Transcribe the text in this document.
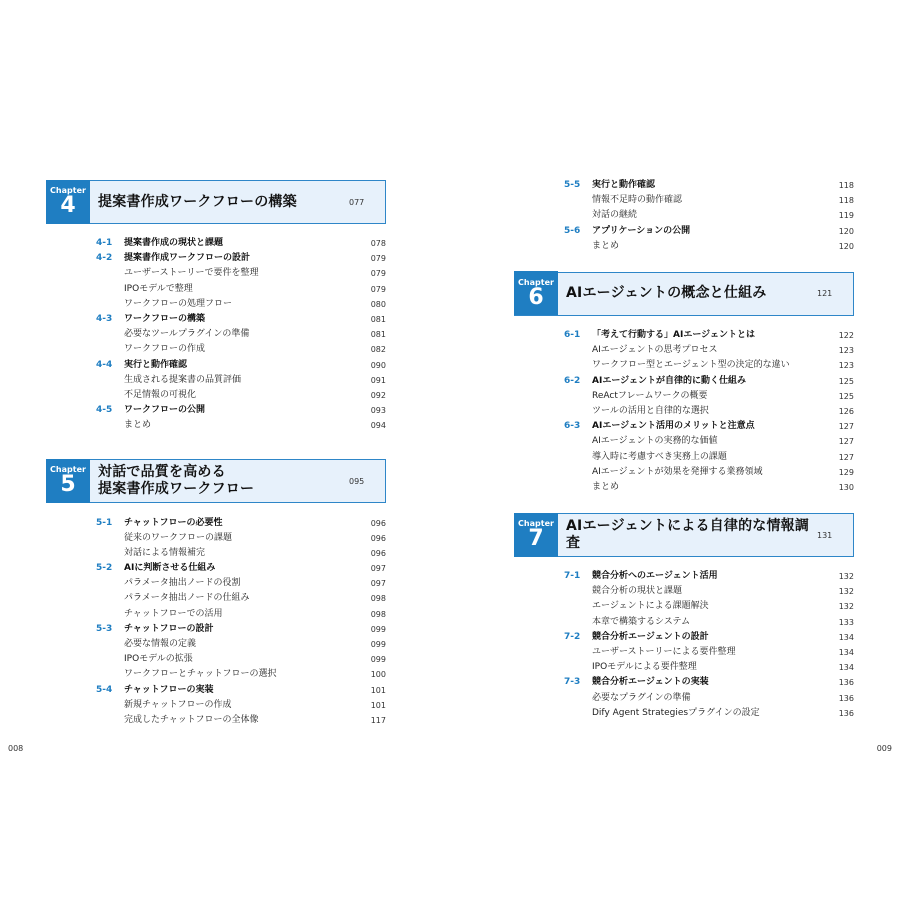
Chapter
4	提案書作成ワークフローの構築	077
4-1	提案書作成の現状と課題	078
4-2	提案書作成ワークフローの設計	079
ユーザーストーリーで要件を整理	079
IPOモデルで整理	079
ワークフローの処理フロー	080
4-3	ワークフローの構築	081
必要なツールプラグインの準備	081
ワークフローの作成	082
4-4	実行と動作確認	090
生成される提案書の品質評価	091
不足情報の可視化	092
4-5	ワークフローの公開	093
まとめ	094
Chapter
5 対話で品質を高める
提案書作成ワークフロー	095
5-1	チャットフローの必要性	096
従来のワークフローの課題	096
対話による情報補完	096
5-2	AIに判断させる仕組み	097
パラメータ抽出ノードの役割	097
パラメータ抽出ノードの仕組み	098
チャットフローでの活用	098
5-3	チャットフローの設計	099
必要な情報の定義	099
IPOモデルの拡張	099
ワークフローとチャットフローの選択	100
5-4	チャットフローの実装	101
新規チャットフローの作成	101
完成したチャットフローの全体像	117
5-5	実行と動作確認	118
情報不足時の動作確認	118
対話の継続	119
5-6	アプリケーションの公開	120
まとめ	120
Chapter
6	AIエージェントの概念と仕組み	121
6-1	「考えて行動する」AIエージェントとは	122
AIエージェントの思考プロセス	123
ワークフロー型とエージェント型の決定的な違い	123
6-2	AIエージェントが自律的に動く仕組み	125
ReActフレームワークの概要	125
ツールの活用と自律的な選択	126
6-3	AIエージェント活用のメリットと注意点	127
AIエージェントの実務的な価値	127
導入時に考慮すべき実務上の課題	127
AIエージェントが効果を発揮する業務領域	129
まとめ	130
Chapter
7	AIエージェントによる自律的な情報調査	131
7-1	競合分析へのエージェント活用	132
競合分析の現状と課題	132
エージェントによる課題解決	132
本章で構築するシステム	133
7-2	競合分析エージェントの設計	134
ユーザーストーリーによる要件整理	134
IPOモデルによる要件整理	134
7-3	競合分析エージェントの実装	136
必要なプラグインの準備	136
Dify Agent Strategiesプラグインの設定	136
008	009
